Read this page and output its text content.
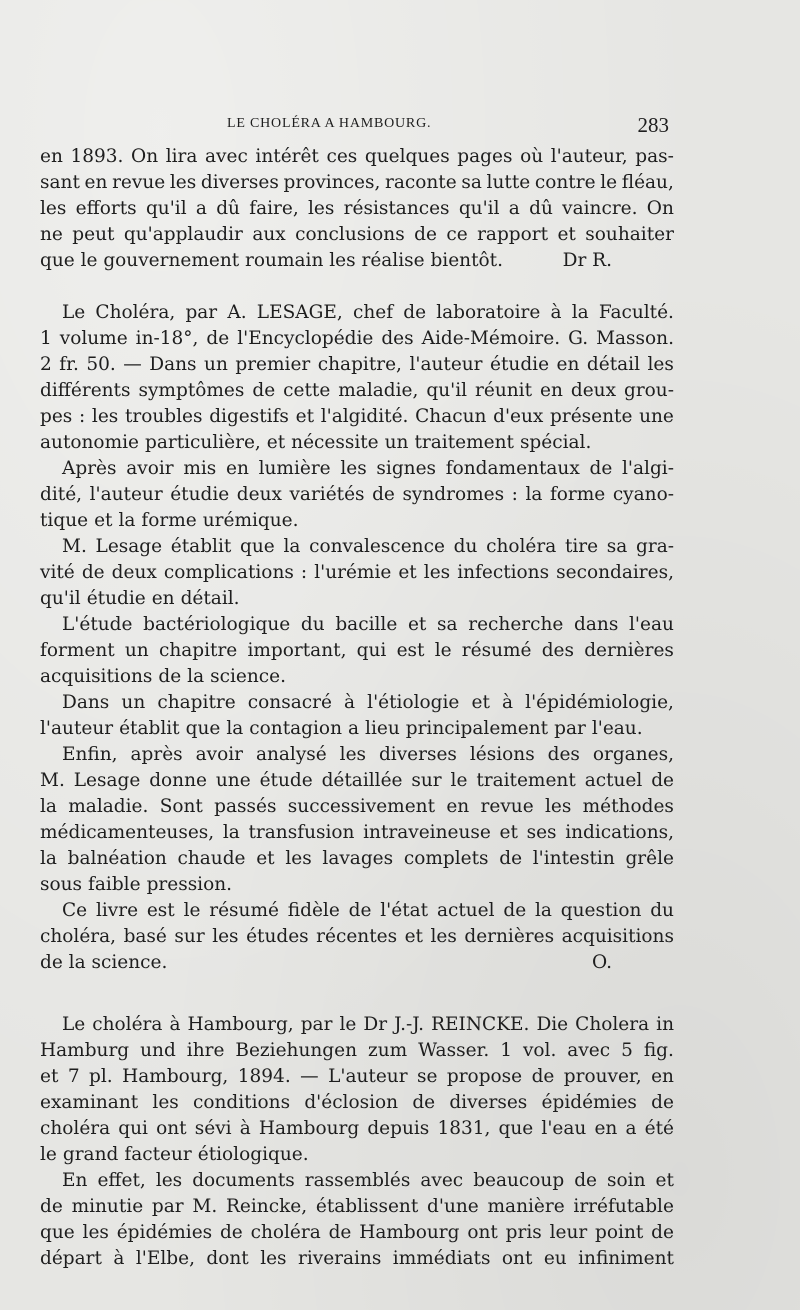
LE CHOLÉRA A HAMBOURG.	283
en 1893. On lira avec intérêt ces quelques pages où l'auteur, pas-
sant en revue les diverses provinces, raconte sa lutte contre le fléau,
les efforts qu'il a dû faire, les résistances qu'il a dû vaincre. On
ne peut qu'applaudir aux conclusions de ce rapport et souhaiter
que le gouvernement roumain les réalise bientôt.	Dr R.
Le Choléra, par A. LESAGE, chef de laboratoire à la Faculté.
1 volume in-18°, de l'Encyclopédie des Aide-Mémoire. G. Masson.
2 fr. 50. — Dans un premier chapitre, l'auteur étudie en détail les
différents symptômes de cette maladie, qu'il réunit en deux grou-
pes : les troubles digestifs et l'algidité. Chacun d'eux présente une
autonomie particulière, et nécessite un traitement spécial.
Après avoir mis en lumière les signes fondamentaux de l'algi-
dité, l'auteur étudie deux variétés de syndromes : la forme cyano-
tique et la forme urémique.
M. Lesage établit que la convalescence du choléra tire sa gra-
vité de deux complications : l'urémie et les infections secondaires,
qu'il étudie en détail.
L'étude bactériologique du bacille et sa recherche dans l'eau
forment un chapitre important, qui est le résumé des dernières
acquisitions de la science.
Dans un chapitre consacré à l'étiologie et à l'épidémiologie,
l'auteur établit que la contagion a lieu principalement par l'eau.
Enfin, après avoir analysé les diverses lésions des organes,
M. Lesage donne une étude détaillée sur le traitement actuel de
la maladie. Sont passés successivement en revue les méthodes
médicamenteuses, la transfusion intraveineuse et ses indications,
la balnéation chaude et les lavages complets de l'intestin grêle
sous faible pression.
Ce livre est le résumé fidèle de l'état actuel de la question du
choléra, basé sur les études récentes et les dernières acquisitions
de la science.	O.
Le choléra à Hambourg, par le Dr J.-J. REINCKE. Die Cholera in
Hamburg und ihre Beziehungen zum Wasser. 1 vol. avec 5 fig.
et 7 pl. Hambourg, 1894. — L'auteur se propose de prouver, en
examinant les conditions d'éclosion de diverses épidémies de
choléra qui ont sévi à Hambourg depuis 1831, que l'eau en a été
le grand facteur étiologique.
En effet, les documents rassemblés avec beaucoup de soin et
de minutie par M. Reincke, établissent d'une manière irréfutable
que les épidémies de choléra de Hambourg ont pris leur point de
départ à l'Elbe, dont les riverains immédiats ont eu infiniment
